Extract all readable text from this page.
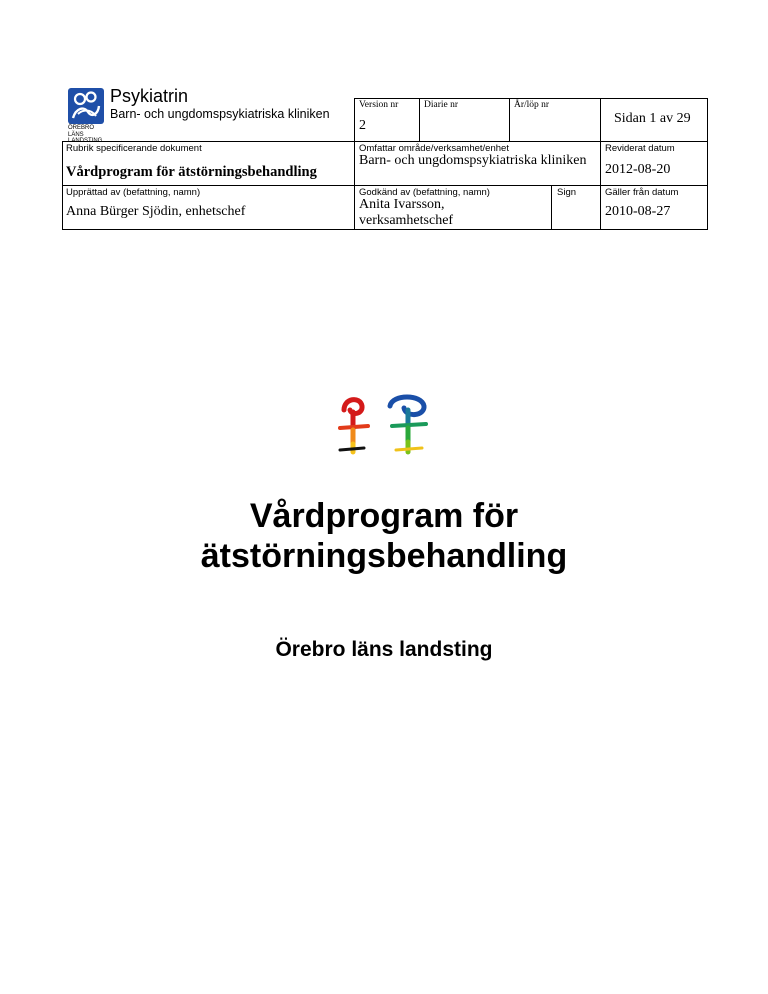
Psykiatrin
Barn- och ungdomspsykiatriska kliniken
ÖREBRO LÄNS
Version nr
2
Diarie nr	År/löp nr
Sidan 1 av 29
Rubrik specificerande dokument
Vårdprogram för ätstörningsbehandling
Omfattar område/verksamhet/enhet
Barn- och ungdomspsykiatriska kliniken
Reviderat datum
2012-08-20
Upprättad av (befattning, namn)
Anna Bürger Sjödin, enhetschef
Godkänd av (befattning, namn)
Anita Ivarsson, verksamhetschef
Sign	Gäller från datum
2010-08-27
Vårdprogram för
ätstörningsbehandling
Örebro läns landsting
